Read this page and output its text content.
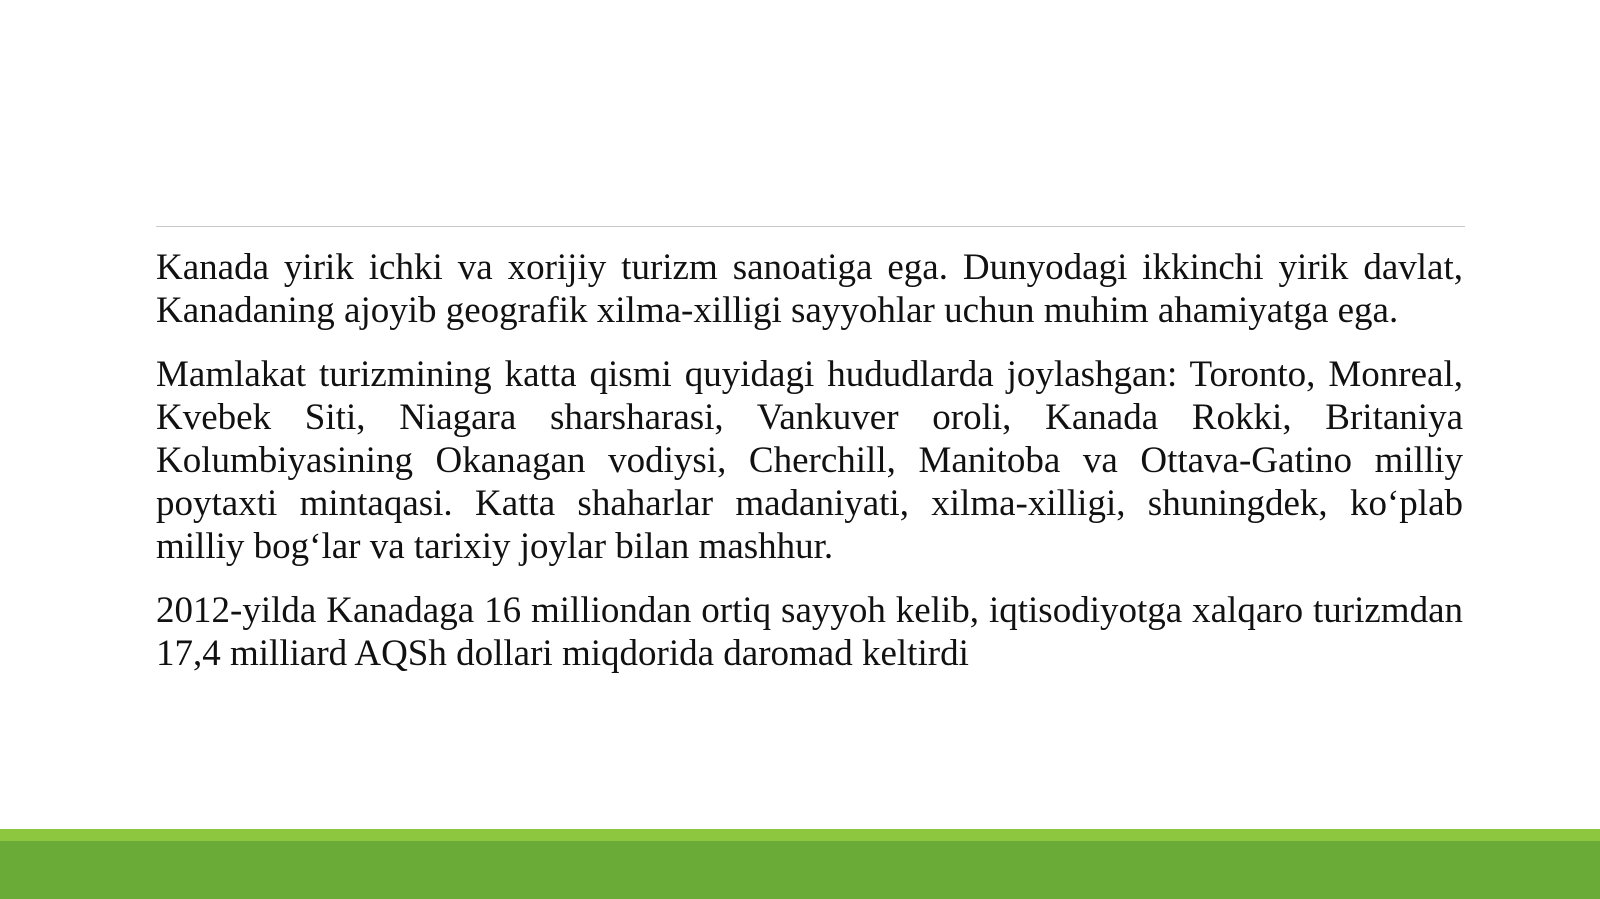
Kanada yirik ichki va xorijiy turizm sanoatiga ega. Dunyodagi ikkinchi yirik davlat, Kanadaning ajoyib geografik xilma-xilligi sayyohlar uchun muhim ahamiyatga ega.

Mamlakat turizmining katta qismi quyidagi hududlarda joylashgan: Toronto, Monreal, Kvebek Siti, Niagara sharsharasi, Vankuver oroli, Kanada Rokki, Britaniya Kolumbiyasining Okanagan vodiysi, Cherchill, Manitoba va Ottava-Gatino milliy poytaxti mintaqasi. Katta shaharlar madaniyati, xilma-xilligi, shuningdek, ko‘plab milliy bog‘lar va tarixiy joylar bilan mashhur.

2012-yilda Kanadaga 16 milliondan ortiq sayyoh kelib, iqtisodiyotga xalqaro turizmdan 17,4 milliard AQSh dollari miqdorida daromad keltirdi
